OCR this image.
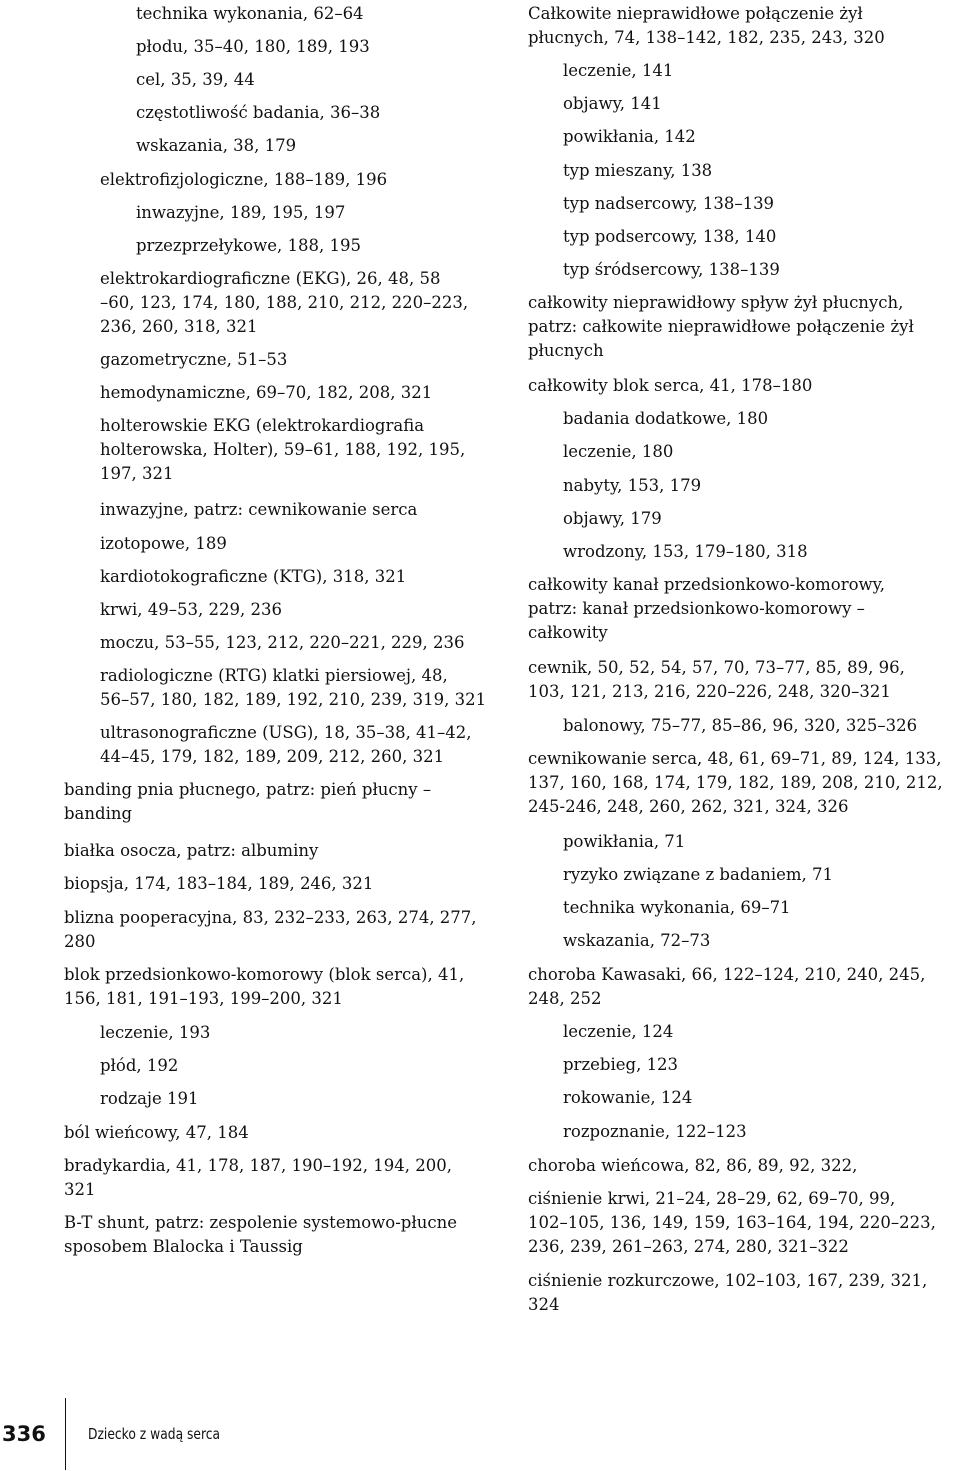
technika wykonania, 62–64
płodu, 35–40, 180, 189, 193
cel, 35, 39, 44
częstotliwość badania, 36–38
wskazania, 38, 179
elektrofizjologiczne, 188–189, 196
inwazyjne, 189, 195, 197
przezprzełykowe, 188, 195
elektrokardiograficzne (EKG), 26, 48, 58
–60, 123, 174, 180, 188, 210, 212, 220–223,
236, 260, 318, 321
gazometryczne, 51–53
hemodynamiczne, 69–70, 182, 208, 321
holterowskie EKG (elektrokardiografia
holterowska, Holter), 59–61, 188, 192, 195,
197, 321
inwazyjne, patrz: cewnikowanie serca
izotopowe, 189
kardiotokograficzne (KTG), 318, 321
krwi, 49–53, 229, 236
moczu, 53–55, 123, 212, 220–221, 229, 236
radiologiczne (RTG) klatki piersiowej, 48,
56–57, 180, 182, 189, 192, 210, 239, 319, 321
ultrasonograficzne (USG), 18, 35–38, 41–42,
44–45, 179, 182, 189, 209, 212, 260, 321
banding pnia płucnego, patrz: pień płucny –
banding
białka osocza, patrz: albuminy
biopsja, 174, 183–184, 189, 246, 321
blizna pooperacyjna, 83, 232–233, 263, 274, 277,
280
blok przedsionkowo-komorowy (blok serca), 41,
156, 181, 191–193, 199–200, 321
leczenie, 193
płód, 192
rodzaje 191
ból wieńcowy, 47, 184
bradykardia, 41, 178, 187, 190–192, 194, 200,
321
B-T shunt, patrz: zespolenie systemowo-płucne
sposobem Blalocka i Taussig
Całkowite nieprawidłowe połączenie żył
płucnych, 74, 138–142, 182, 235, 243, 320
leczenie, 141
objawy, 141
powikłania, 142
typ mieszany, 138
typ nadsercowy, 138–139
typ podsercowy, 138, 140
typ śródsercowy, 138–139
całkowity nieprawidłowy spływ żył płucnych,
patrz: całkowite nieprawidłowe połączenie żył
płucnych
całkowity blok serca, 41, 178–180
badania dodatkowe, 180
leczenie, 180
nabyty, 153, 179
objawy, 179
wrodzony, 153, 179–180, 318
całkowity kanał przedsionkowo-komorowy,
patrz: kanał przedsionkowo-komorowy –
całkowity
cewnik, 50, 52, 54, 57, 70, 73–77, 85, 89, 96,
103, 121, 213, 216, 220–226, 248, 320–321
balonowy, 75–77, 85–86, 96, 320, 325–326
cewnikowanie serca, 48, 61, 69–71, 89, 124, 133,
137, 160, 168, 174, 179, 182, 189, 208, 210, 212,
245-246, 248, 260, 262, 321, 324, 326
powikłania, 71
ryzyko związane z badaniem, 71
technika wykonania, 69–71
wskazania, 72–73
choroba Kawasaki, 66, 122–124, 210, 240, 245,
248, 252
leczenie, 124
przebieg, 123
rokowanie, 124
rozpoznanie, 122–123
choroba wieńcowa, 82, 86, 89, 92, 322,
ciśnienie krwi, 21–24, 28–29, 62, 69–70, 99,
102–105, 136, 149, 159, 163–164, 194, 220–223,
236, 239, 261–263, 274, 280, 321–322
ciśnienie rozkurczowe, 102–103, 167, 239, 321,
324
336	Dziecko z wadą serca
